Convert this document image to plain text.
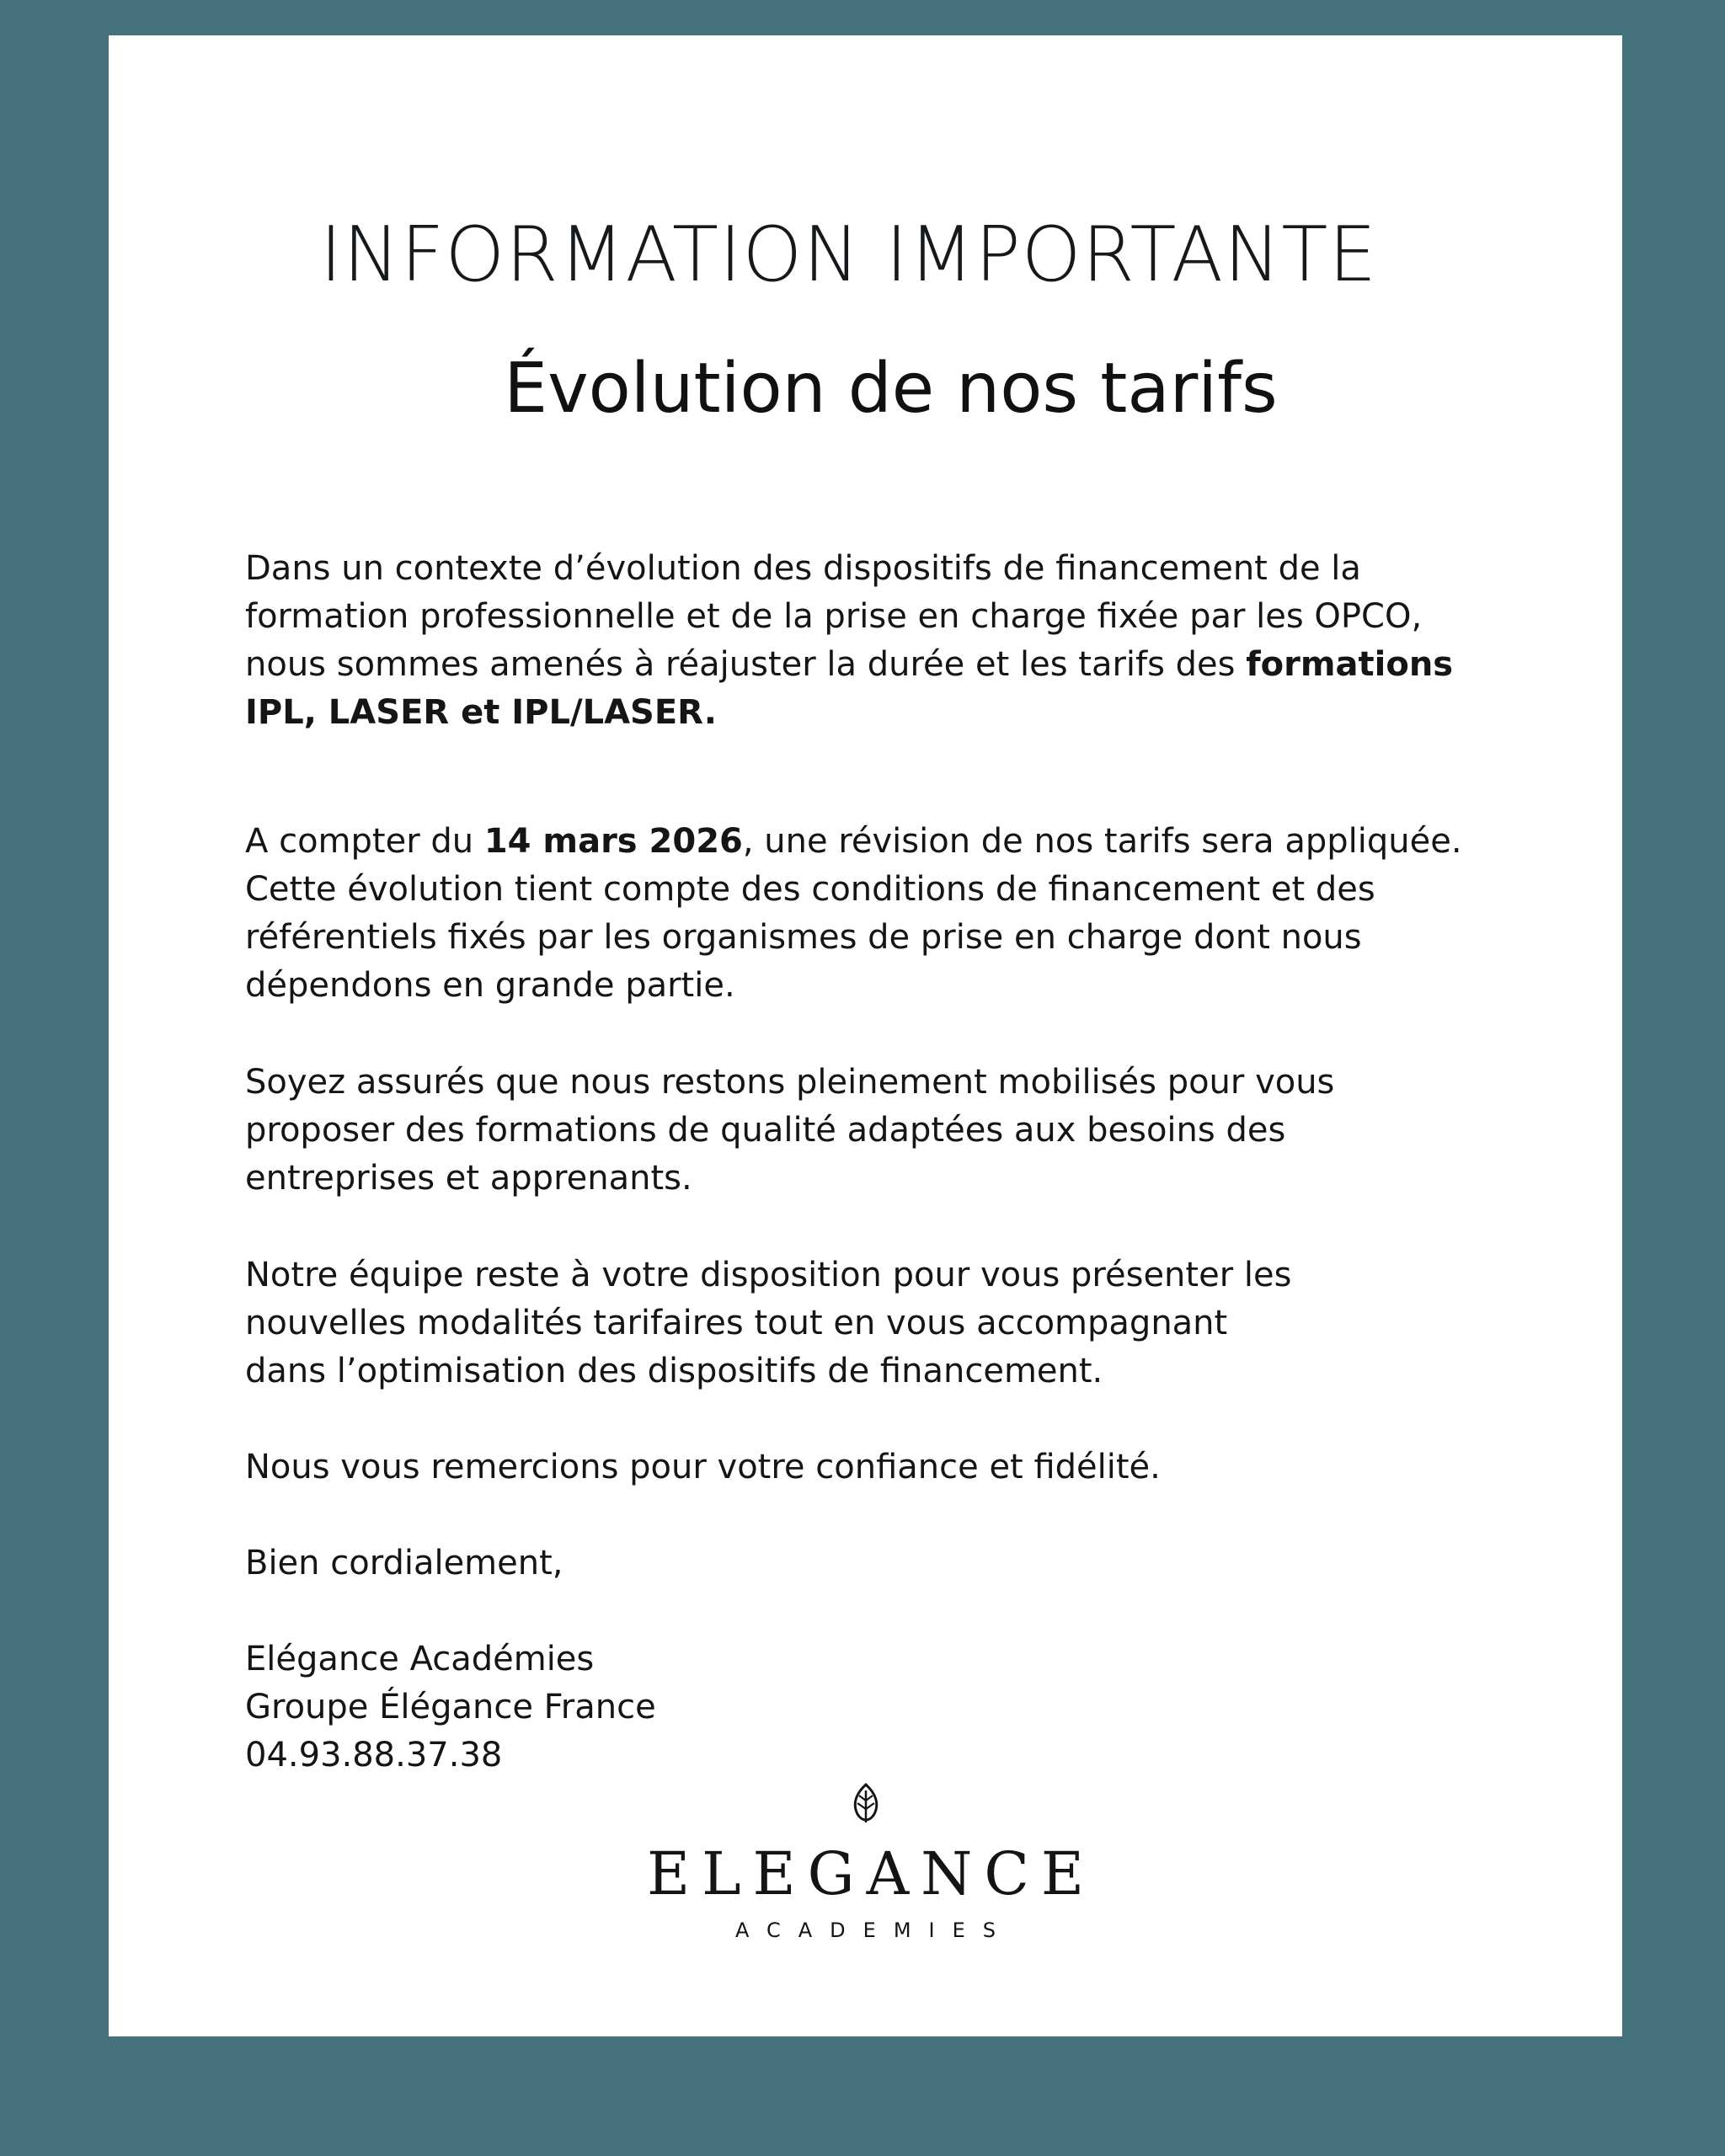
INFORMATION IMPORTANTE
Évolution de nos tarifs

Dans un contexte d’évolution des dispositifs de financement de la
formation professionnelle et de la prise en charge fixée par les OPCO,
nous sommes amenés à réajuster la durée et les tarifs des formations
IPL, LASER et IPL/LASER.

A compter du 14 mars 2026, une révision de nos tarifs sera appliquée.
Cette évolution tient compte des conditions de financement et des
référentiels fixés par les organismes de prise en charge dont nous
dépendons en grande partie.

Soyez assurés que nous restons pleinement mobilisés pour vous
proposer des formations de qualité adaptées aux besoins des
entreprises et apprenants.

Notre équipe reste à votre disposition pour vous présenter les
nouvelles modalités tarifaires tout en vous accompagnant
dans l’optimisation des dispositifs de financement.

Nous vous remercions pour votre confiance et fidélité.

Bien cordialement,

Elégance Académies
Groupe Élégance France
04.93.88.37.38

ELEGANCE
ACADEMIES
